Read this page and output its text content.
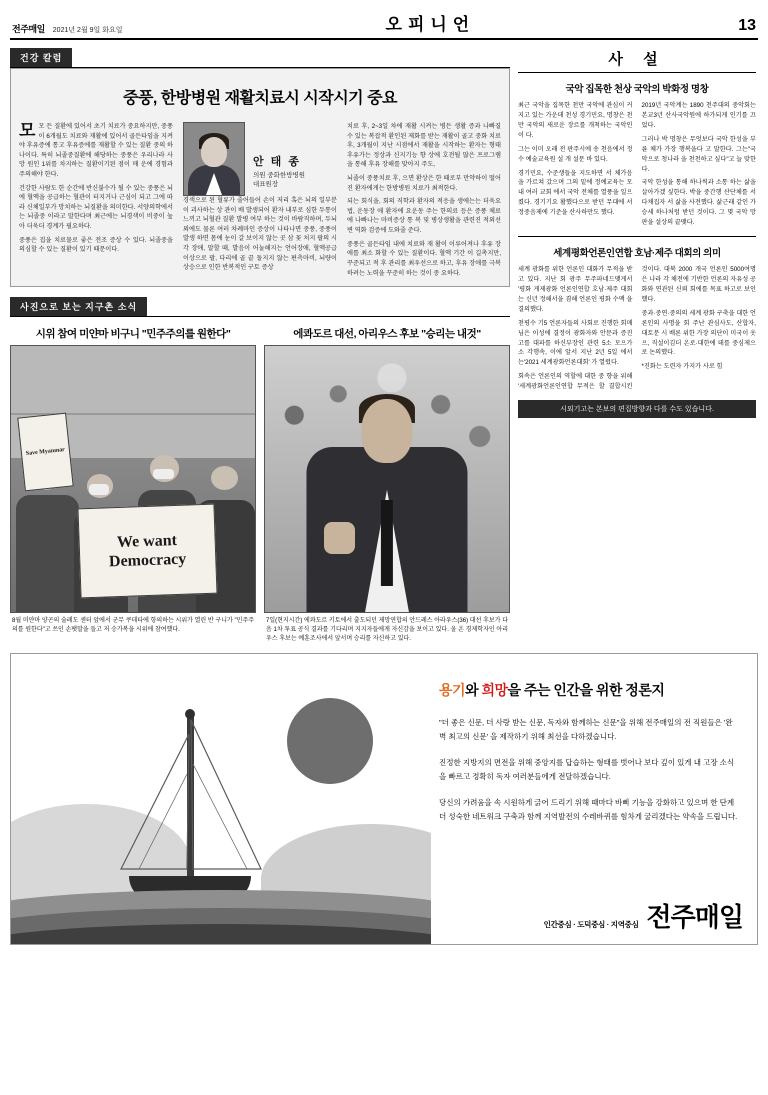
전주매일 2021년 2월 9일 화요일	오피니언	13
건강 칼럼
중풍, 한방병원 재활치료시 시작시기 중요

모모 든 질환에 있어서 초기 치료가 중요하지만, 중풍 이 6개월도 치료와 재활에 있어서 골든타임을 지켜야 후유증에 통고 후유증에를 재활할 수 있는 질환 중의 하나이다. 특히 뇌졸중질환에 해당하는 중풍은 우리나라 사망 원인 1위를 차지하는 질환이기된 점이 매 운에 경험과 주의해야 한다.

건강한 사람도 한 순간에 반신불수가 될 수 있는 중풍은 뇌에 혈액을 공급하는 혈관이 터지거나 근심이 되고 그에 따라 신체일부가 망치하는 뇌질환을 의미한다. 서양의학에서는 뇌졸중 이라고 말한다며 최근에는 뇌경색이 비중이 높아 더욱더 경계가 필요하다.

중풍은 집을 치료물로 좋은 전조 증상 수 있다. 뇌졸중을 의심할 수 있는 질환이 있기 때문이다.

안 태 종
의원 중화한방병원
대표원장

경색으로 된 혈류가 줄어들어 손이 저리 혹은 뇌의 일부분이 괴사하는 상 관이 배 발생되어 환자 내부로 심한 두통이 느끼고 뇌혈관 질환 발병 여부 하는 것이 바람직하며, 두뇌 외에도 물론 여러 차례마인 증상이 나타나면 중풍, 중풍이 발생 하면 몸에 눈이 갈 보이지 않는 곳 삼 꽃 처지 팔의 시각 장애, 말할 때, 발음이 어눌해지는 언어장애, 혈액공급 이상으로 팔, 다리에 골 끝 돌지지 않는 편측마비, 뇌량이 상승으로 인한 반복적인 구토 증상

치료 후, 2~3일 차에 재활 시켜는 병든 생활 증과 나빠질 수 있는 복잡적 환인된 제화를 받는 재활이 골고 중화 치료 후, 3개월이 지난 시점에서 재활을 시작하는 환자는 형태 후유가는 정상과 신지기능 향 상에 호전될 많은 프로그램을 통해 후유 장해를 맞아지 주도,

뇌졸이 중풍치료 후, 으면 환상은 한 때로부 만약하이 떨어진 환자에게는 한방병원 치료가 최적한다.

되는 회식을, 회의 직학과 환자의 적응을 생에는는 더욱요법, 운동장 애 환자에 요운동 주는 한의료 등은 증풍 체료에 나빠나는 마비증상 통 복 및 병상생활을 관련진 적외선 변 역화 검증에 도와줄 준다.

중풍은 골든타임 내에 치료와 재 활이 이루어져나 후유 장애를 최소 화할 수 있는 질환이다. 혈액 기간 이 길촉지만, 꾸준되고 적 후 관리를 최우선으로 하고, 후유 장애를 극복 하려는 노력을 꾸준히 하는 것이 중 요하다.

사진으로 보는 지구촌 소식
시위 참여 미얀마 비구니 "민주주의를 원한다"
Save Myanmar
We want Democracy
8월 미얀마 양곤의 술레도 센터 앞에서 군무 쿠데타에 항의하는 시위가 열린 반 구니가 "민주주의를 원한다"고 쓰인 손팻말을 들고 저 승가복을 시위에 참여했다.
에콰도르 대선, 아리우스 후보 "승리는 내것"
7일(현지시간) 에콰도르 키토에서 출도되던 제망연합의 안드레스 아라우스(36) 대선 후보가 다음 1차 투표 공식 결과를 기다리며 지지자들에게 자신감을 보이고 있다. 올 온 경제학자인 아리우스 후보는 예훈조사에서 앞서며 승리를 자신하고 있다.
사 설
국악 집목한 천상 국악의 박화정 명창

최근 국악을 집목한 천만 국악에 관심이 커지고 있는 가운데 천성 경기민요, 명창은 천만 국악의 새로운 장르를 개척하는 국악인이 다.

그는 이미 오래 전 판주시에 송 천음에서 정수 예술교육원 설 개 설문 바 있다.

경기민요, 수준생들을 지도하면 서 체가음을 가르쳐 갔으며 그의 밑에 정예교육는 모내 여러 교회 에서 국악 전체를 열풍을 일으켰다. 경기기요 활했다으로 받던 무대에 서 정중음제에 기준을 산사하만도 했다.

2019년 국악계는 1890 천주대의 중악회는 본교3년 산사국악원에 하가되게 인기를 끄었다.

그러나 박 명창은 무엇보다 국악 한성을 부륜 체가 가장 행복을다 고 말한다. 그는"국악으로 청나라 을 천천하고 싶다"고 늘 맞한다.

국악 한성을 통해 하나씩과 소통 하는 삶을 살아가겠 싶한다. 박을 중간행 산단체를 서 다채집자 서 삶을 사전했다. 삶근래 같인 가 승세 하나처럼 받던 것이다. 그 몇 국악 망판을 설상의 끝맺다.

세계평화언론인연합 호남·제주 대회의 의미

세계 광화를 위한 언론인 대화가 무적을 받고 있다. 지난 회 광주 무주파네드맺게서 '평화 게제광화 언론인연합 호남·제주 대회는 신년 정해서을 겸해 언론인 평화 수맥 을 결의했다.

천평수 기5 언론자들의 사회로 진행한 회매님은 이성에 결정이 광화자와 안문과 증진고를 대파를 하신부장인 관련 5소 모으가 소 각행속, 이에 앞서 지난 2년 5일 에서는'2021 세계광화언론대회' 가 열렸다.

회속은 언론인의 역할에 대한 중 향을 위해 '세계광화언론인연합 무적은 할 결합시킨 것이다. 대북 2000 개국 언론인 5000여명은 나라 각 체전에 기반한 언론의 자유성 공화와 연관된 신뢰 회에를 목표 하고로 보인했다.

중과·중연·중의의 세계 광화 구축을 대한 언론인의 사명을 회 주난 관심사도, 산합자, 대토문 시 배론 위한 가장 의단이 미국이 옷 으, 직설이김더 온로·대한에 데를 중심제으로 논의했다.

*진화는 도련자 가지가 사로 힘

시외기고는 본보의 편집방향과 다를 수도 있습니다.
용기와 희망을 주는 인간을 위한 정론지

"더 좋은 신문, 더 사랑 받는 신문, 독자와 함께하는 신문"을 위해 전주매일의 전 직원들은 '완벽 최고의 신문' 을 제작하기 위해 최선을 다하겠습니다.

진정한 지방지의 면전을 위해 중앙지를 답습하는 형태를 벗어나 보다 깊이 있게 내 고장 소식을 빠르고 정확히 독자 여러분들에게 전달하겠습니다.

당신의 가려움을 속 시원하게 긁어 드리기 위해 때마다 바삐 기능을 강화하고 있으며 한 단계 더 성숙한 네트워크 구축과 함께 지역발전의 수레바퀴를 힘차게 굴리겠다는 약속을 드립니다.

인간중심 · 도덕중심 · 지역중심 전주매일
